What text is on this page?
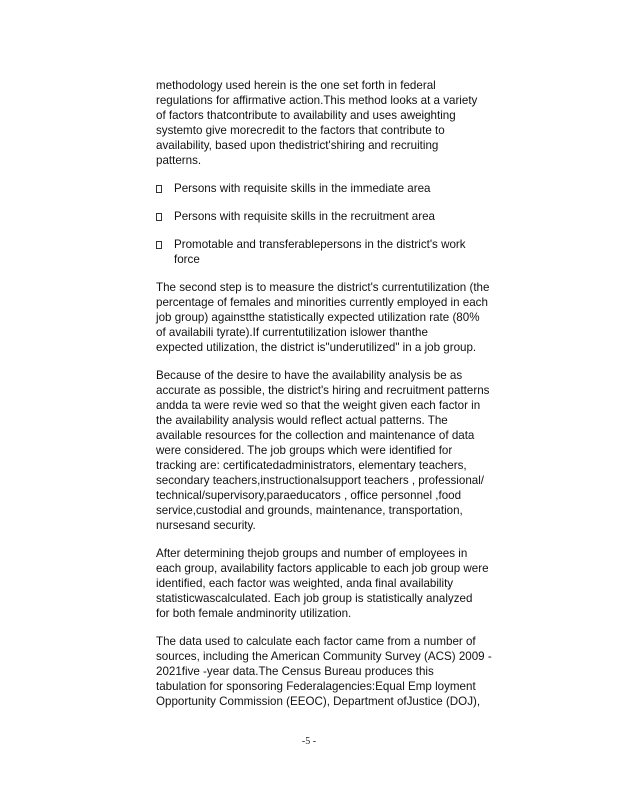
methodology used herein is the one set forth in federal
regulations for affirmative action.This method looks at a variety
of factors thatcontribute to availability and uses aweighting
systemto give morecredit to the factors that contribute to
availability, based upon thedistrict'shiring and recruiting
patterns.

Persons with requisite skills in the immediate area
Persons with requisite skills in the recruitment area
Promotable and transferablepersons in the district's work
force

The second step is to measure the district's currentutilization (the
percentage of females and minorities currently employed in each
job group) againstthe statistically expected utilization rate (80%
of availabili tyrate).If currentutilization islower thanthe
expected utilization, the district is"underutilized" in a job group.

Because of the desire to have the availability analysis be as
accurate as possible, the district's hiring and recruitment patterns
andda ta were revie wed so that the weight given each factor in
the availability analysis would reflect actual patterns. The
available resources for the collection and maintenance of data
were considered. The job groups which were identified for
tracking are: certificatedadministrators, elementary teachers,
secondary teachers,instructionalsupport teachers , professional/
technical/supervisory,paraeducators , office personnel ,food
service,custodial and grounds, maintenance, transportation,
nursesand security.

After determining thejob groups and number of employees in
each group, availability factors applicable to each job group were
identified, each factor was weighted, anda final availability
statisticwascalculated. Each job group is statistically analyzed
for both female andminority utilization.

The data used to calculate each factor came from a number of
sources, including the American Community Survey (ACS) 2009 -
2021five -year data.The Census Bureau produces this
tabulation for sponsoring Federalagencies:Equal Emp loyment
Opportunity Commission (EEOC), Department ofJustice (DOJ),

-5 -
